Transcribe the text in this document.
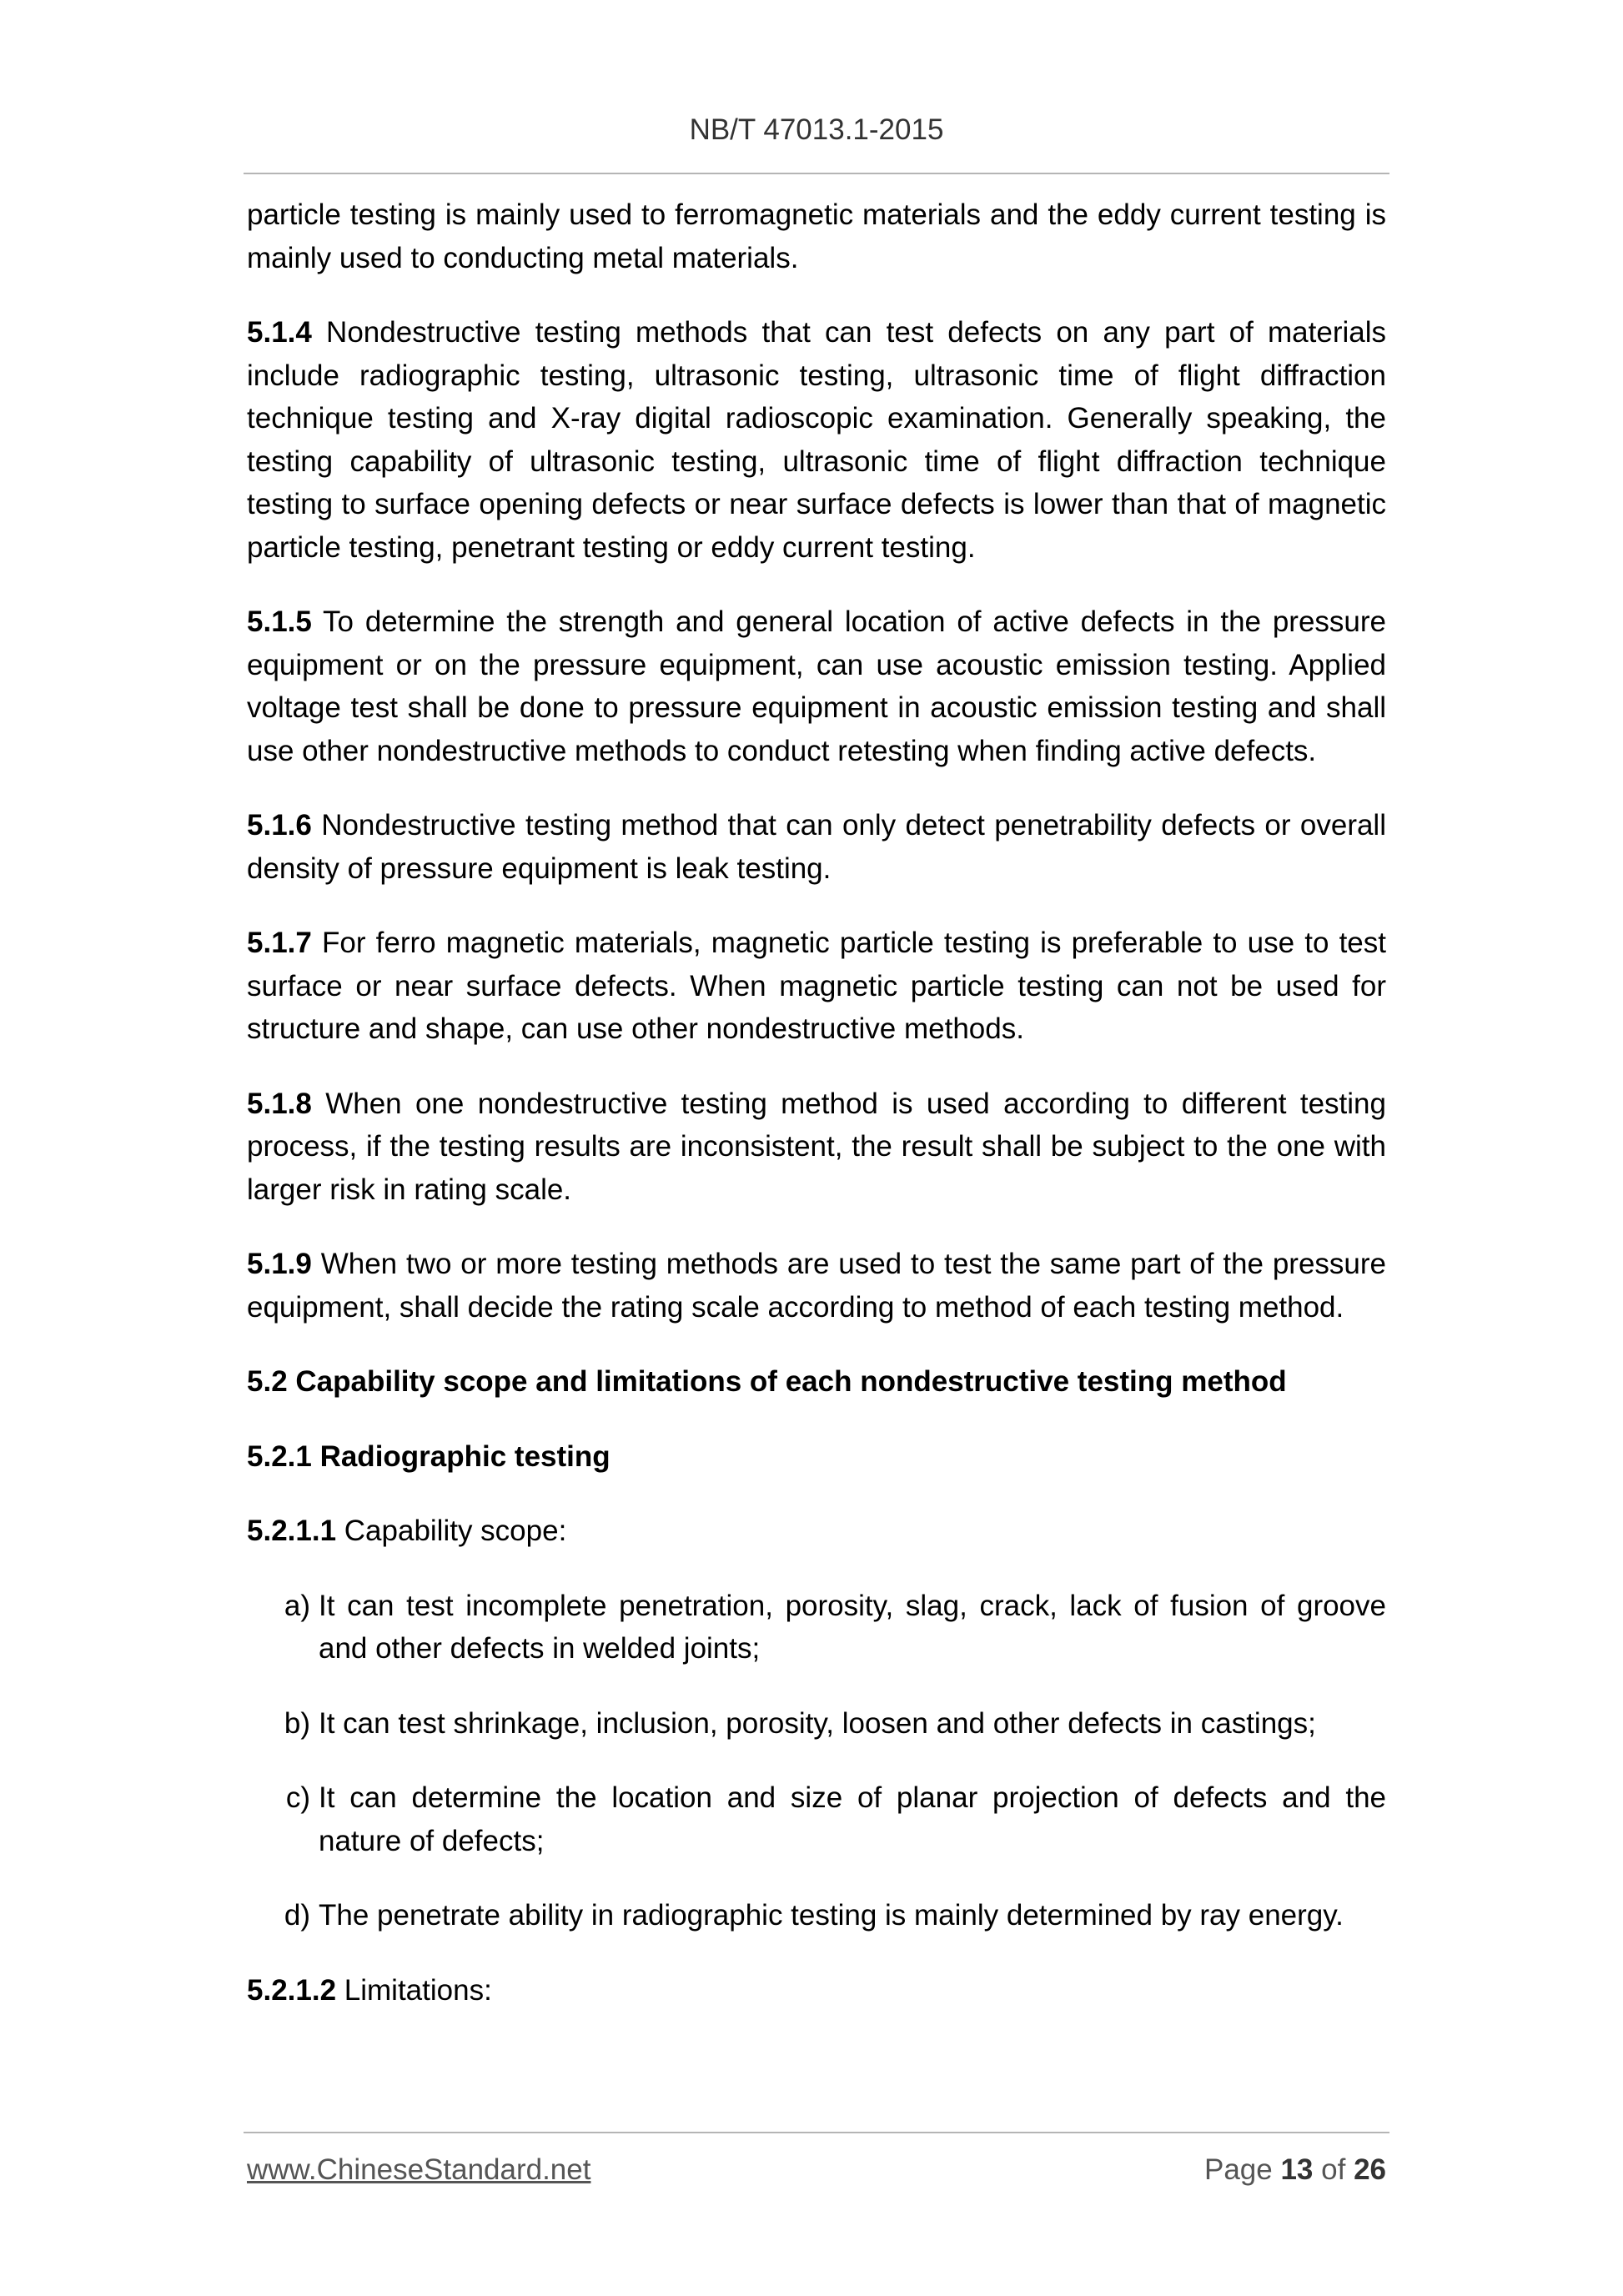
NB/T 47013.1-2015

particle testing is mainly used to ferromagnetic materials and the eddy current testing is mainly used to conducting metal materials.

5.1.4 Nondestructive testing methods that can test defects on any part of materials include radiographic testing, ultrasonic testing, ultrasonic time of flight diffraction technique testing and X-ray digital radioscopic examination. Generally speaking, the testing capability of ultrasonic testing, ultrasonic time of flight diffraction technique testing to surface opening defects or near surface defects is lower than that of magnetic particle testing, penetrant testing or eddy current testing.

5.1.5 To determine the strength and general location of active defects in the pressure equipment or on the pressure equipment, can use acoustic emission testing. Applied voltage test shall be done to pressure equipment in acoustic emission testing and shall use other nondestructive methods to conduct retesting when finding active defects.

5.1.6 Nondestructive testing method that can only detect penetrability defects or overall density of pressure equipment is leak testing.

5.1.7 For ferro magnetic materials, magnetic particle testing is preferable to use to test surface or near surface defects. When magnetic particle testing can not be used for structure and shape, can use other nondestructive methods.

5.1.8 When one nondestructive testing method is used according to different testing process, if the testing results are inconsistent, the result shall be subject to the one with larger risk in rating scale.

5.1.9 When two or more testing methods are used to test the same part of the pressure equipment, shall decide the rating scale according to method of each testing method.

5.2 Capability scope and limitations of each nondestructive testing method

5.2.1 Radiographic testing

5.2.1.1 Capability scope:

a) It can test incomplete penetration, porosity, slag, crack, lack of fusion of groove and other defects in welded joints;
b) It can test shrinkage, inclusion, porosity, loosen and other defects in castings;
c) It can determine the location and size of planar projection of defects and the nature of defects;
d) The penetrate ability in radiographic testing is mainly determined by ray energy.

5.2.1.2 Limitations:

www.ChineseStandard.net	Page 13 of 26
